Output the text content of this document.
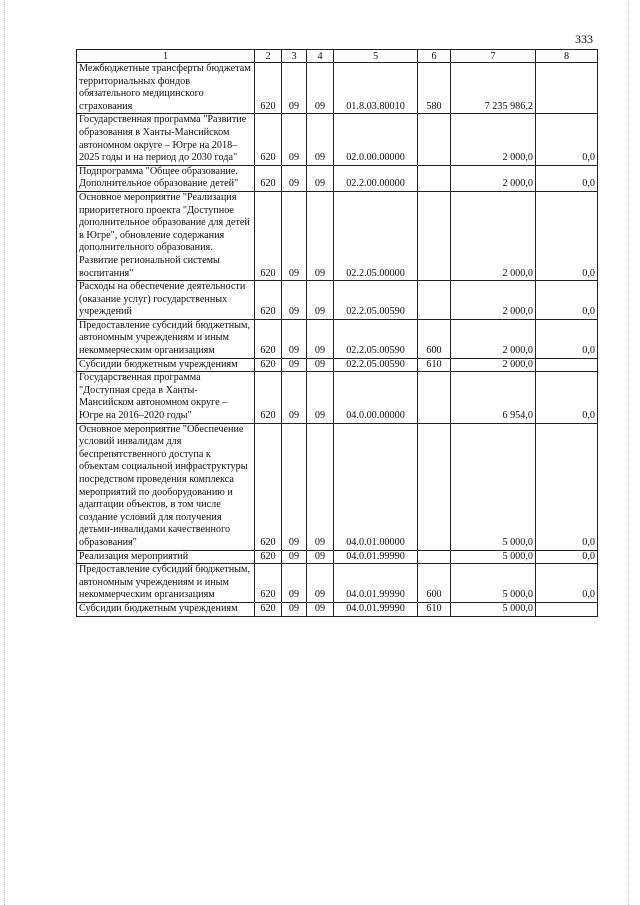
333
1	2	3	4	5	6	7	8
Межбюджетные трансферты бюджетам территориальных фондов обязательного медицинского страхования	620	09	09	01.8.03.80010	580	7 235 986,2	
Государственная программа "Развитие образования в Ханты-Мансийском автономном округе – Югре на 2018–2025 годы и на период до 2030 года"	620	09	09	02.0.00.00000		2 000,0	0,0
Подпрограмма "Общее образование. Дополнительное образование детей"	620	09	09	02.2.00.00000		2 000,0	0,0
Основное мероприятие "Реализация приоритетного проекта "Доступное дополнительное образование для детей в Югре", обновление содержания дополнительного образования. Развитие региональной системы воспитания"	620	09	09	02.2.05.00000		2 000,0	0,0
Расходы на обеспечение деятельности (оказание услуг) государственных учреждений	620	09	09	02.2.05.00590		2 000,0	0,0
Предоставление субсидий бюджетным, автономным учреждениям и иным некоммерческим организациям	620	09	09	02.2.05.00590	600	2 000,0	0,0
Субсидии бюджетным учреждениям	620	09	09	02.2.05.00590	610	2 000,0	
Государственная программа "Доступная среда в Ханты-Мансийском автономном округе – Югре на 2016–2020 годы"	620	09	09	04.0.00.00000		6 954,0	0,0
Основное мероприятие "Обеспечение условий инвалидам для беспрепятственного доступа к объектам социальной инфраструктуры посредством проведения комплекса мероприятий по дооборудованию и адаптации объектов, в том числе создание условий для получения детьми-инвалидами качественного образования"	620	09	09	04.0.01.00000		5 000,0	0,0
Реализация мероприятий	620	09	09	04.0.01.99990		5 000,0	0,0
Предоставление субсидий бюджетным, автономным учреждениям и иным некоммерческим организациям	620	09	09	04.0.01.99990	600	5 000,0	0,0
Субсидии бюджетным учреждениям	620	09	09	04.0.01.99990	610	5 000,0	
